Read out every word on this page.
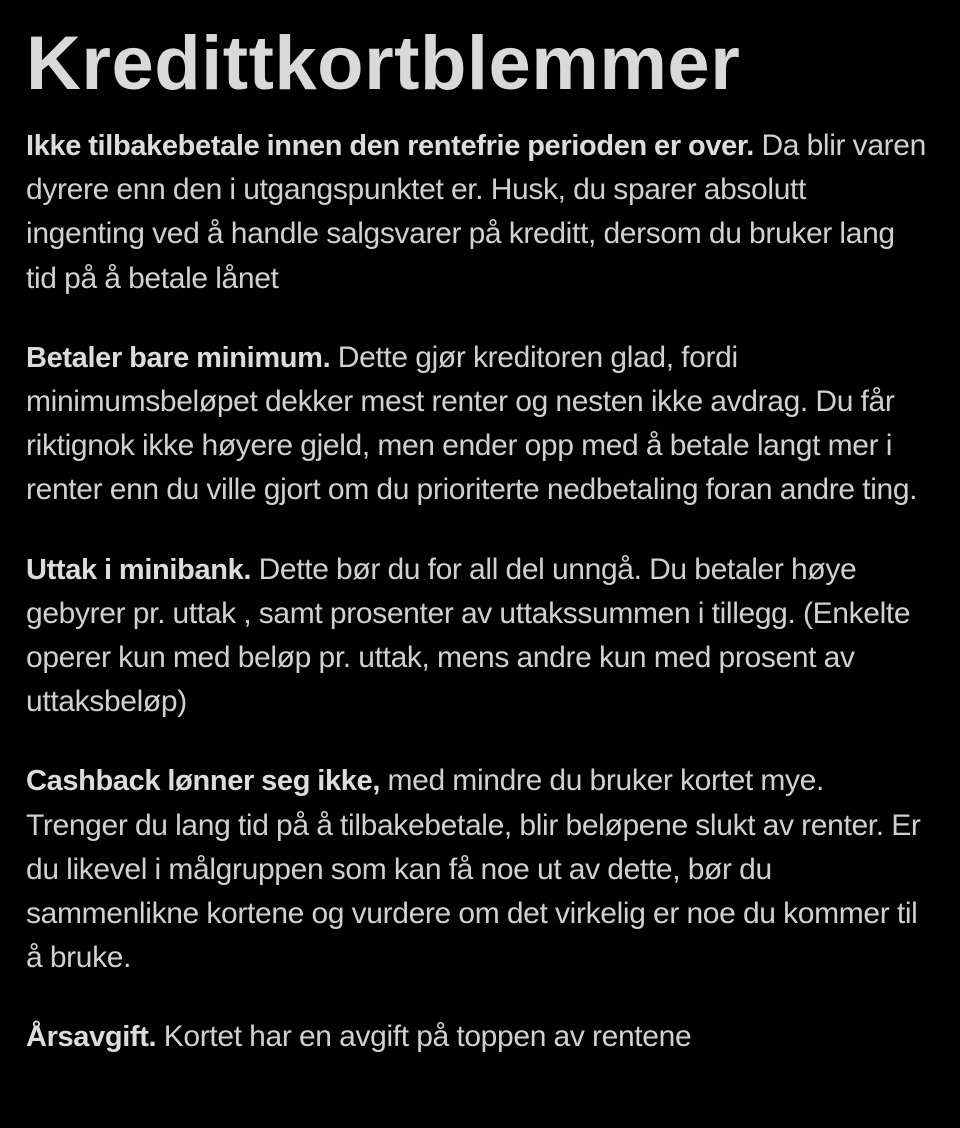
Kredittkortblemmer

Ikke tilbakebetale innen den rentefrie perioden er over. Da blir varen dyrere enn den i utgangspunktet er. Husk, du sparer absolutt ingenting ved å handle salgsvarer på kreditt, dersom du bruker lang tid på å betale lånet

Betaler bare minimum. Dette gjør kreditoren glad, fordi minimumsbeløpet dekker mest renter og nesten ikke avdrag. Du får riktignok ikke høyere gjeld, men ender opp med å betale langt mer i renter enn du ville gjort om du prioriterte nedbetaling foran andre ting.

Uttak i minibank. Dette bør du for all del unngå. Du betaler høye gebyrer pr. uttak , samt prosenter av uttakssummen i tillegg. (Enkelte operer kun med beløp pr. uttak, mens andre kun med prosent av uttaksbeløp)

Cashback lønner seg ikke, med mindre du bruker kortet mye. Trenger du lang tid på å tilbakebetale, blir beløpene slukt av renter. Er du likevel i målgruppen som kan få noe ut av dette, bør du sammenlikne kortene og vurdere om det virkelig er noe du kommer til å bruke.

Årsavgift. Kortet har en avgift på toppen av rentene
